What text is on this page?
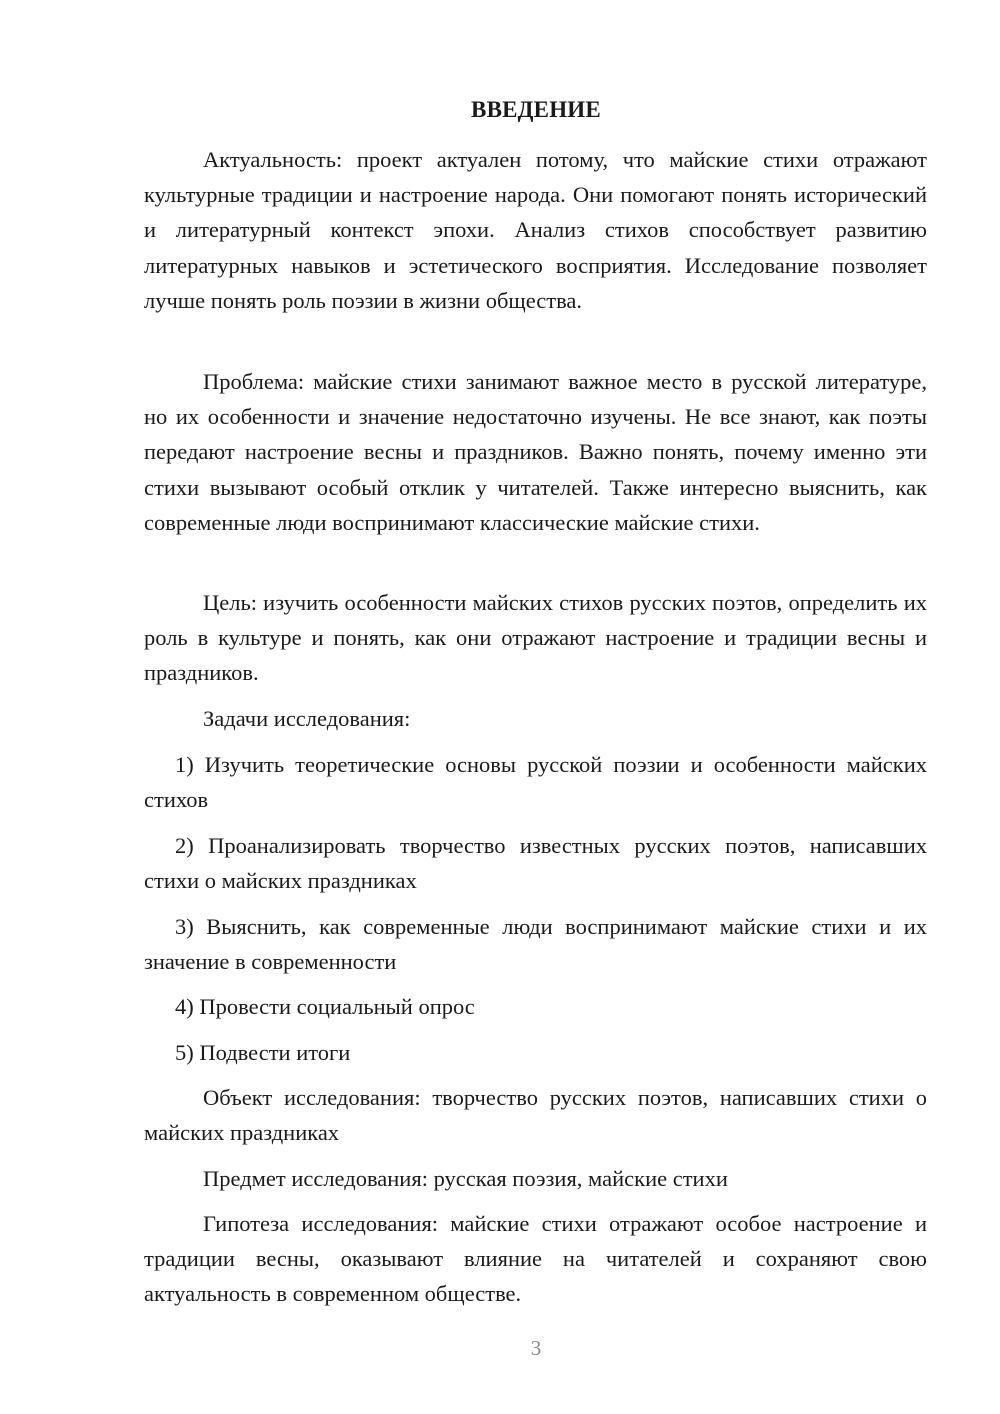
ВВЕДЕНИЕ

Актуальность: проект актуален потому, что майские стихи отражают культурные традиции и настроение народа. Они помогают понять исторический и литературный контекст эпохи. Анализ стихов способствует развитию литературных навыков и эстетического восприятия. Исследование позволяет лучше понять роль поэзии в жизни общества.

Проблема: майские стихи занимают важное место в русской литературе, но их особенности и значение недостаточно изучены. Не все знают, как поэты передают настроение весны и праздников. Важно понять, почему именно эти стихи вызывают особый отклик у читателей. Также интересно выяснить, как современные люди воспринимают классические майские стихи.

Цель: изучить особенности майских стихов русских поэтов, определить их роль в культуре и понять, как они отражают настроение и традиции весны и праздников.

Задачи исследования:

1) Изучить теоретические основы русской поэзии и особенности майских стихов

2) Проанализировать творчество известных русских поэтов, написавших стихи о майских праздниках

3) Выяснить, как современные люди воспринимают майские стихи и их значение в современности

4) Провести социальный опрос

5) Подвести итоги

Объект исследования: творчество русских поэтов, написавших стихи о майских праздниках

Предмет исследования: русская поэзия, майские стихи

Гипотеза исследования: майские стихи отражают особое настроение и традиции весны, оказывают влияние на читателей и сохраняют свою актуальность в современном обществе.

3
